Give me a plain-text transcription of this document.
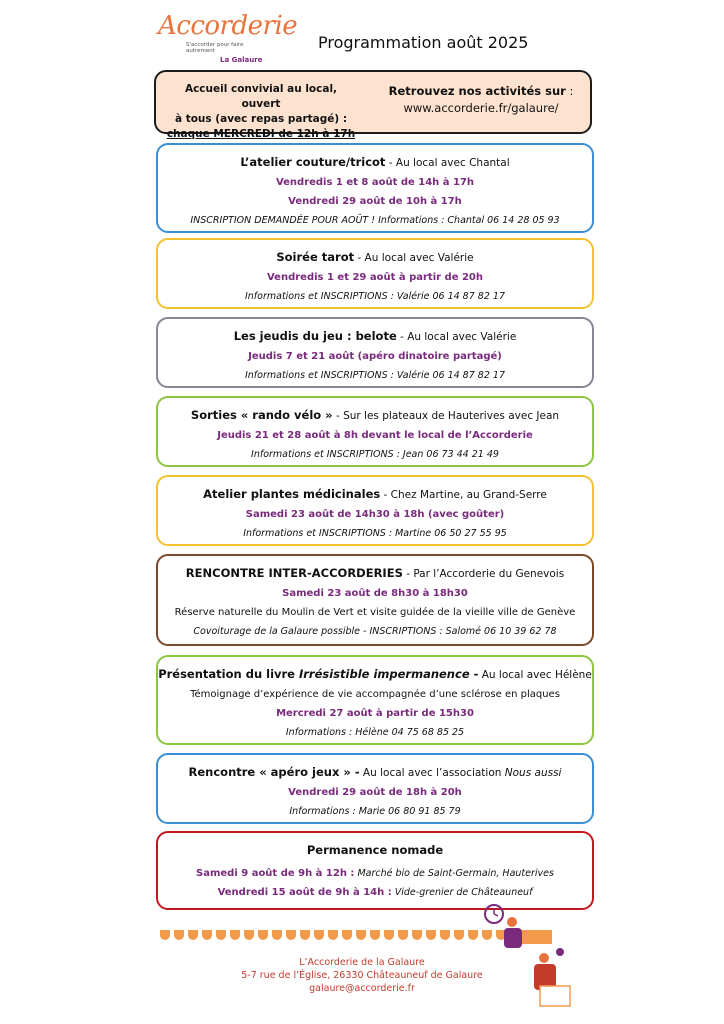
Accorderie
S'accorder pour faire autrement
La Galaure
Programmation août 2025
Accueil convivial au local, ouvert
à tous (avec repas partagé) :
chaque MERCREDI de 12h à 17h
Retrouvez nos activités sur :
www.accorderie.fr/galaure/
L’atelier couture/tricot - Au local avec Chantal
Vendredis 1 et 8 août de 14h à 17h
Vendredi 29 août de 10h à 17h
INSCRIPTION DEMANDÉE POUR AOÛT ! Informations : Chantal 06 14 28 05 93
Soirée tarot - Au local avec Valérie
Vendredis 1 et 29 août à partir de 20h
Informations et INSCRIPTIONS : Valérie 06 14 87 82 17
Les jeudis du jeu : belote - Au local avec Valérie
Jeudis 7 et 21 août (apéro dinatoire partagé)
Informations et INSCRIPTIONS : Valérie 06 14 87 82 17
Sorties « rando vélo » - Sur les plateaux de Hauterives avec Jean
Jeudis 21 et 28 août à 8h devant le local de l’Accorderie
Informations et INSCRIPTIONS : Jean 06 73 44 21 49
Atelier plantes médicinales - Chez Martine, au Grand-Serre
Samedi 23 août de 14h30 à 18h (avec goûter)
Informations et INSCRIPTIONS : Martine 06 50 27 55 95
RENCONTRE INTER-ACCORDERIES - Par l’Accorderie du Genevois
Samedi 23 août de 8h30 à 18h30
Réserve naturelle du Moulin de Vert et visite guidée de la vieille ville de Genève
Covoiturage de la Galaure possible - INSCRIPTIONS : Salomé 06 10 39 62 78
Présentation du livre Irrésistible impermanence - Au local avec Hélène
Témoignage d’expérience de vie accompagnée d’une sclérose en plaques
Mercredi 27 août à partir de 15h30
Informations : Hélène 04 75 68 85 25
Rencontre « apéro jeux » - Au local avec l’association Nous aussi
Vendredi 29 août de 18h à 20h
Informations : Marie 06 80 91 85 79
Permanence nomade
Samedi 9 août de 9h à 12h : Marché bio de Saint-Germain, Hauterives
Vendredi 15 août de 9h à 14h : Vide-grenier de Châteauneuf
L’Accorderie de la Galaure
5-7 rue de l’Église, 26330 Châteauneuf de Galaure
galaure@accorderie.fr
